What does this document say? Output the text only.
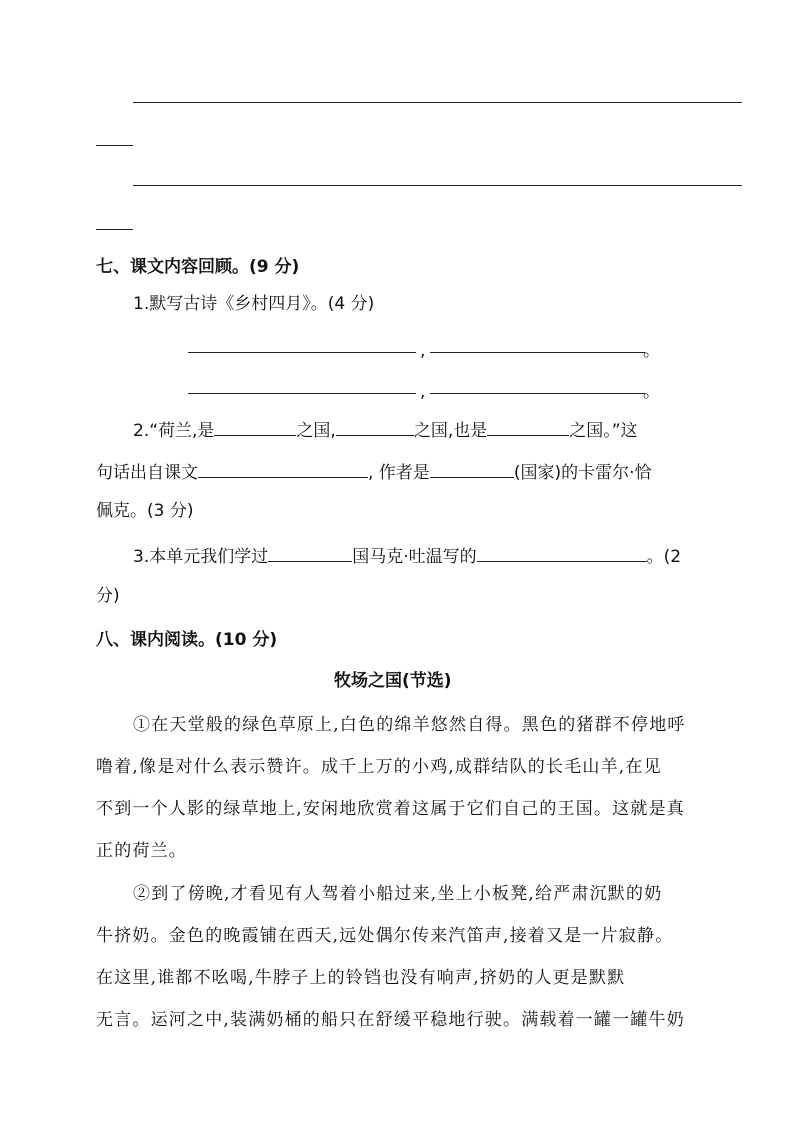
七、课文内容回顾。(9 分)
1.默写古诗《乡村四月》。(4 分)
,	。
,	。
2.“荷兰,是	之国,	之国,也是	之国。”这
句话出自课文	, 作者是	(国家)的卡雷尔·恰
佩克。(3 分)
3.本单元我们学过	国马克·吐温写的	。(2
分)
八、课内阅读。(10 分)
牧场之国(节选)
①在天堂般的绿色草原上,白色的绵羊悠然自得。黑色的猪群不停地呼
噜着,像是对什么表示赞许。成千上万的小鸡,成群结队的长毛山羊,在见
不到一个人影的绿草地上,安闲地欣赏着这属于它们自己的王国。这就是真
正的荷兰。
②到了傍晚,才看见有人驾着小船过来,坐上小板凳,给严肃沉默的奶
牛挤奶。金色的晚霞铺在西天,远处偶尔传来汽笛声,接着又是一片寂静。
在这里,谁都不吆喝,牛脖子上的铃铛也没有响声,挤奶的人更是默默
无言。运河之中,装满奶桶的船只在舒缓平稳地行驶。满载着一罐一罐牛奶
